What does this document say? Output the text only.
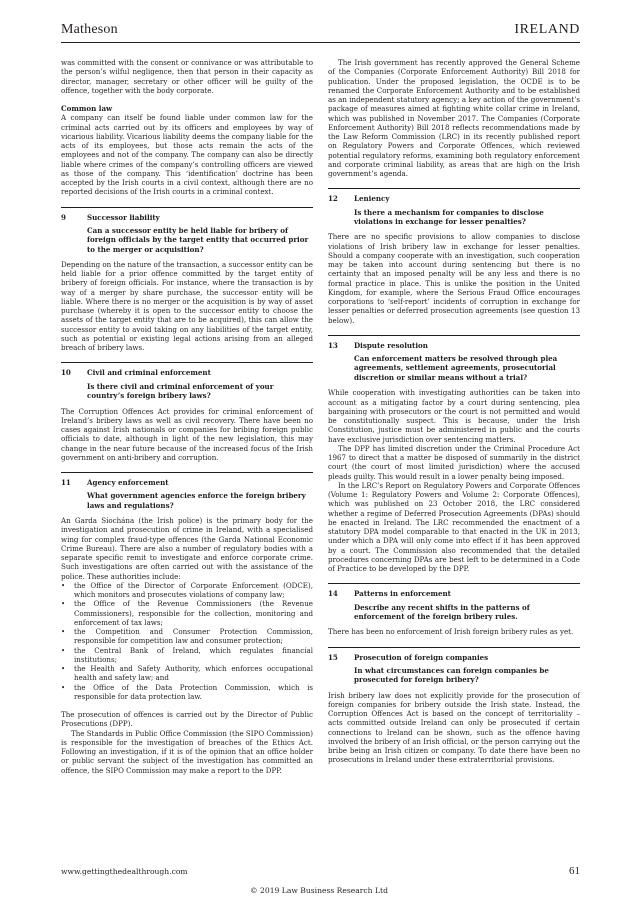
Matheson	IRELAND

was committed with the consent or connivance or was attributable to the person’s wilful negligence, then that person in their capacity as director, manager, secretary or other officer will be guilty of the offence, together with the body corporate.

Common law

A company can itself be found liable under common law for the criminal acts carried out by its officers and employees by way of vicarious liability. Vicarious liability deems the company liable for the acts of its employees, but those acts remain the acts of the employees and not of the company. The company can also be directly liable where crimes of the company’s controlling officers are viewed as those of the company. This ‘identification’ doctrine has been accepted by the Irish courts in a civil context, although there are no reported decisions of the Irish courts in a criminal context.

9	Successor liability
Can a successor entity be held liable for bribery of foreign officials by the target entity that occurred prior to the merger or acquisition?

Depending on the nature of the transaction, a successor entity can be held liable for a prior offence committed by the target entity of bribery of foreign officials. For instance, where the transaction is by way of a merger by share purchase, the successor entity will be liable. Where there is no merger or the acquisition is by way of asset purchase (whereby it is open to the successor entity to choose the assets of the target entity that are to be acquired), this can allow the successor entity to avoid taking on any liabilities of the target entity, such as potential or existing legal actions arising from an alleged breach of bribery laws.

10	Civil and criminal enforcement
Is there civil and criminal enforcement of your country’s foreign bribery laws?

The Corruption Offences Act provides for criminal enforcement of Ireland’s bribery laws as well as civil recovery. There have been no cases against Irish nationals or companies for bribing foreign public officials to date, although in light of the new legislation, this may change in the near future because of the increased focus of the Irish government on anti-bribery and corruption.

11	Agency enforcement
What government agencies enforce the foreign bribery laws and regulations?

An Garda Síochána (the Irish police) is the primary body for the investigation and prosecution of crime in Ireland, with a specialised wing for complex fraud-type offences (the Garda National Economic Crime Bureau). There are also a number of regulatory bodies with a separate specific remit to investigate and enforce corporate crime. Such investigations are often carried out with the assistance of the police. These authorities include:

• the Office of the Director of Corporate Enforcement (ODCE), which monitors and prosecutes violations of company law;
• the Office of the Revenue Commissioners (the Revenue Commissioners), responsible for the collection, monitoring and enforcement of tax laws;
• the Competition and Consumer Protection Commission, responsible for competition law and consumer protection;
• the Central Bank of Ireland, which regulates financial institutions;
• the Health and Safety Authority, which enforces occupational health and safety law; and
• the Office of the Data Protection Commission, which is responsible for data protection law.

The prosecution of offences is carried out by the Director of Public Prosecutions (DPP).

The Standards in Public Office Commission (the SIPO Commission) is responsible for the investigation of breaches of the Ethics Act. Following an investigation, if it is of the opinion that an office holder or public servant the subject of the investigation has committed an offence, the SIPO Commission may make a report to the DPP.

The Irish government has recently approved the General Scheme of the Companies (Corporate Enforcement Authority) Bill 2018 for publication. Under the proposed legislation, the OCDE is to be renamed the Corporate Enforcement Authority and to be established as an independent statutory agency; a key action of the government’s package of measures aimed at fighting white collar crime in Ireland, which was published in November 2017. The Companies (Corporate Enforcement Authority) Bill 2018 reflects recommendations made by the Law Reform Commission (LRC) in its recently published report on Regulatory Powers and Corporate Offences, which reviewed potential regulatory reforms, examining both regulatory enforcement and corporate criminal liability, as areas that are high on the Irish government’s agenda.

12	Leniency
Is there a mechanism for companies to disclose violations in exchange for lesser penalties?

There are no specific provisions to allow companies to disclose violations of Irish bribery law in exchange for lesser penalties. Should a company cooperate with an investigation, such cooperation may be taken into account during sentencing but there is no certainty that an imposed penalty will be any less and there is no formal practice in place. This is unlike the position in the United Kingdom, for example, where the Serious Fraud Office encourages corporations to ‘self-report’ incidents of corruption in exchange for lesser penalties or deferred prosecution agreements (see question 13 below).

13	Dispute resolution
Can enforcement matters be resolved through plea agreements, settlement agreements, prosecutorial discretion or similar means without a trial?

While cooperation with investigating authorities can be taken into account as a mitigating factor by a court during sentencing, plea bargaining with prosecutors or the court is not permitted and would be constitutionally suspect. This is because, under the Irish Constitution, justice must be administered in public and the courts have exclusive jurisdiction over sentencing matters.

The DPP has limited discretion under the Criminal Procedure Act 1967 to direct that a matter be disposed of summarily in the district court (the court of most limited jurisdiction) where the accused pleads guilty. This would result in a lower penalty being imposed.

In the LRC’s Report on Regulatory Powers and Corporate Offences (Volume 1: Regulatory Powers and Volume 2: Corporate Offences), which was published on 23 October 2018, the LRC considered whether a regime of Deferred Prosecution Agreements (DPAs) should be enacted in Ireland. The LRC recommended the enactment of a statutory DPA model comparable to that enacted in the UK in 2013, under which a DPA will only come into effect if it has been approved by a court. The Commission also recommended that the detailed procedures concerning DPAs are best left to be determined in a Code of Practice to be developed by the DPP.

14	Patterns in enforcement
Describe any recent shifts in the patterns of enforcement of the foreign bribery rules.

There has been no enforcement of Irish foreign bribery rules as yet.

15	Prosecution of foreign companies
In what circumstances can foreign companies be prosecuted for foreign bribery?

Irish bribery law does not explicitly provide for the prosecution of foreign companies for bribery outside the Irish state. Instead, the Corruption Offences Act is based on the concept of territoriality – acts committed outside Ireland can only be prosecuted if certain connections to Ireland can be shown, such as the offence having involved the bribery of an Irish official, or the person carrying out the bribe being an Irish citizen or company. To date there have been no prosecutions in Ireland under these extraterritorial provisions.

www.gettingthedealthrough.com	61
© 2019 Law Business Research Ltd
